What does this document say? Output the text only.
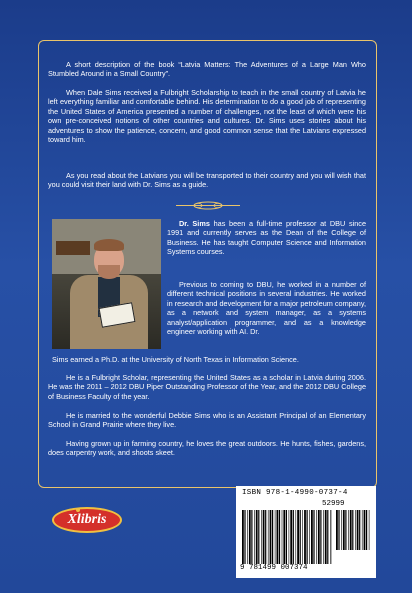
A short description of the book “Latvia Matters: The Adventures of a Large Man Who Stumbled Around in a Small Country”.

When Dale Sims received a Fulbright Scholarship to teach in the small country of Latvia he left everything familiar and comfortable behind. His determination to do a good job of representing the United States of America presented a number of challenges, not the least of which were his own pre-conceived notions of other countries and cultures. Dr. Sims uses stories about his adventures to show the patience, concern, and good common sense that the Latvians expressed toward him.

As you read about the Latvians you will be transported to their country and you will wish that you could visit their land with Dr. Sims as a guide.

Dr. Sims has been a full-time professor at DBU since 1991 and currently serves as the Dean of the College of Business. He has taught Computer Science and Information Systems courses.

Previous to coming to DBU, he worked in a number of different technical positions in several industries. He worked in research and development for a major petroleum company, as a network and system manager, as a systems analyst/application programmer, and as a knowledge engineer working with AI. Dr.

Sims earned a Ph.D. at the University of North Texas in Information Science.

He is a Fulbright Scholar, representing the United States as a scholar in Latvia during 2006. He was the 2011 – 2012 DBU Piper Outstanding Professor of the Year, and the 2012 DBU College of Business Faculty of the year.

He is married to the wonderful Debbie Sims who is an Assistant Principal of an Elementary School in Grand Prairie where they live.

Having grown up in farming country, he loves the great outdoors. He hunts, fishes, gardens, does carpentry work, and shoots skeet.

Xlibris
ISBN 978-1-4990-0737-4
52999
9 781499 007374
